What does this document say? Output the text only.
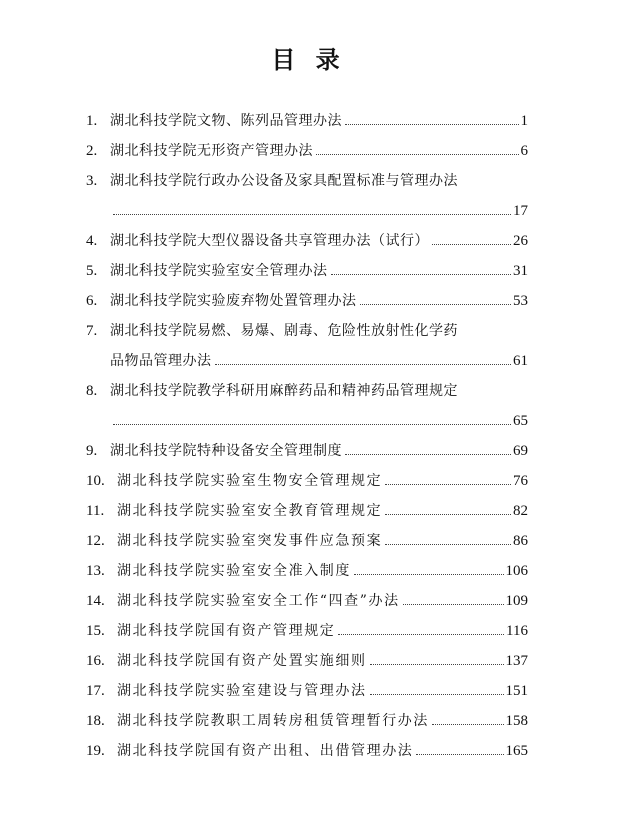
目 录
1. 湖北科技学院文物、陈列品管理办法	1
2. 湖北科技学院无形资产管理办法	6
3. 湖北科技学院行政办公设备及家具配置标准与管理办法
17
4. 湖北科技学院大型仪器设备共享管理办法（试行）	26
5. 湖北科技学院实验室安全管理办法	31
6. 湖北科技学院实验废弃物处置管理办法	53
7. 湖北科技学院易燃、易爆、剧毒、危险性放射性化学药
品物品管理办法	61
8. 湖北科技学院教学科研用麻醉药品和精神药品管理规定
65
9. 湖北科技学院特种设备安全管理制度	69
10. 湖北科技学院实验室生物安全管理规定	76
11. 湖北科技学院实验室安全教育管理规定	82
12. 湖北科技学院实验室突发事件应急预案	86
13. 湖北科技学院实验室安全准入制度	106
14. 湖北科技学院实验室安全工作“四查”办法	109
15. 湖北科技学院国有资产管理规定	116
16. 湖北科技学院国有资产处置实施细则	137
17. 湖北科技学院实验室建设与管理办法	151
18. 湖北科技学院教职工周转房租赁管理暂行办法	158
19. 湖北科技学院国有资产出租、出借管理办法	165
